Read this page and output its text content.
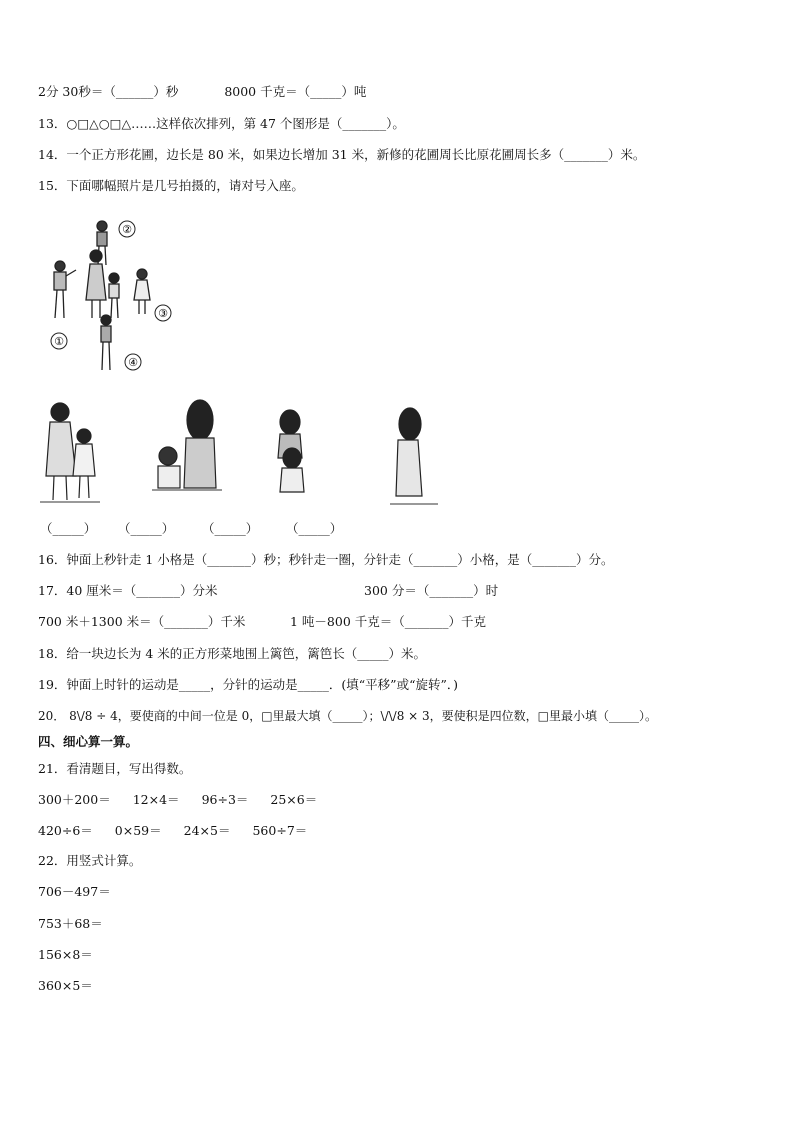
2分 30秒＝（______）秒	8000 千克＝（_____）吨
13．○□△○□△……这样依次排列，第 47 个图形是（_______）。
14．一个正方形花圃，边长是 80 米，如果边长增加 31 米，新修的花圃周长比原花圃周长多（_______）米。
15．下面哪幅照片是几号拍摄的，请对号入座。
②
③
①
④
（_____） （_____） （_____） （_____）
16．钟面上秒针走 1 小格是（_______）秒；秒针走一圈，分针走（_______）小格，是（_______）分。
17．40 厘米＝（_______）分米	300 分＝（_______）时
700 米＋1300 米＝（_______）千米	1 吨－800 千克＝（_______）千克
18．给一块边长为 4 米的正方形菜地围上篱笆，篱笆长（_____）米。
19．钟面上时针的运动是_____，分针的运动是_____．(填“平移”或“旋转”．)
20． 8\/8 ÷ 4，要使商的中间一位是 0，□里最大填（_____）；\/\/8 × 3，要使积是四位数，□里最小填（_____）。
四、细心算一算。
21．看清题目，写出得数。
300＋200＝ 12×4＝ 96÷3＝ 25×6＝
420÷6＝ 0×59＝ 24×5＝ 560÷7＝
22．用竖式计算。
706－497＝
753＋68＝
156×8＝
360×5＝
